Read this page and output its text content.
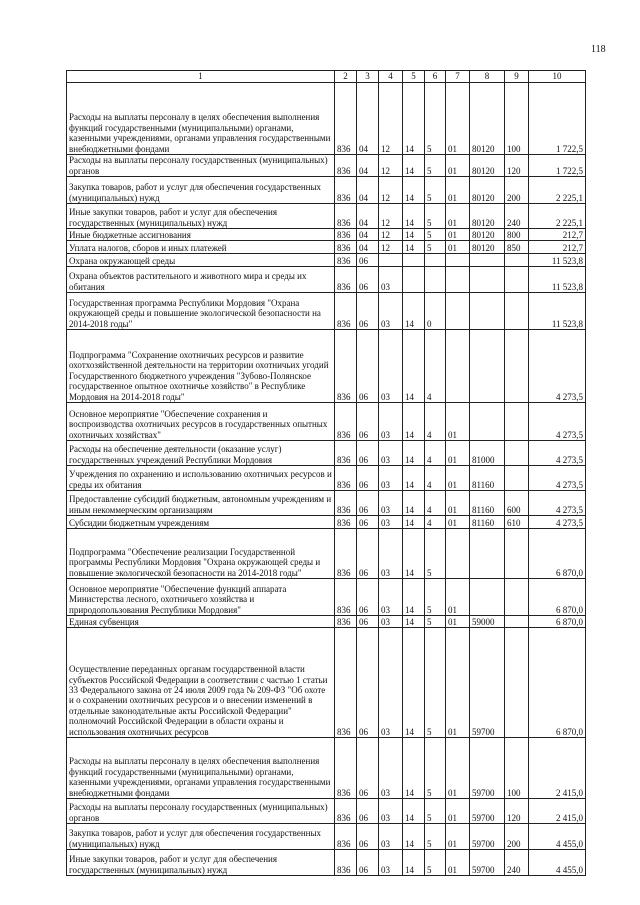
118
1	2	3	4	5	6	7	8	9	10
Расходы на выплаты персоналу в целях обеспечения выполнения функций государственными (муниципальными) органами, казенными учреждениями, органами управления государственными внебюджетными фондами	836	04	12	14	5	01	80120	100	1 722,5
Расходы на выплаты персоналу государственных (муниципальных) органов	836	04	12	14	5	01	80120	120	1 722,5
Закупка товаров, работ и услуг для обеспечения государственных (муниципальных) нужд	836	04	12	14	5	01	80120	200	2 225,1
Иные закупки товаров, работ и услуг для обеспечения государственных (муниципальных) нужд	836	04	12	14	5	01	80120	240	2 225,1
Иные бюджетные ассигнования	836	04	12	14	5	01	80120	800	212,7
Уплата налогов, сборов и иных платежей	836	04	12	14	5	01	80120	850	212,7
Охрана окружающей среды	836	06							11 523,8
Охрана объектов растительного и животного мира и среды их обитания	836	06	03						11 523,8
Государственная программа Республики Мордовия "Охрана окружающей среды и повышение экологической безопасности на 2014-2018 годы"	836	06	03	14	0				11 523,8
Подпрограмма "Сохранение охотничьих ресурсов и развитие охотхозяйственной деятельности на территории охотничьих угодий Государственного бюджетного учреждения "Зубово-Полянское государственное опытное охотничье хозяйство" в Республике Мордовия на 2014-2018 годы"	836	06	03	14	4				4 273,5
Основное мероприятие "Обеспечение сохранения и воспроизводства охотничьих ресурсов в государственных опытных охотничьих хозяйствах"	836	06	03	14	4	01			4 273,5
Расходы на обеспечение деятельности (оказание услуг) государственных учреждений Республики Мордовия	836	06	03	14	4	01	81000		4 273,5
Учреждения по охранению и использованию охотничьих ресурсов и среды их обитания	836	06	03	14	4	01	81160		4 273,5
Предоставление субсидий бюджетным, автономным учреждениям и иным некоммерческим организациям	836	06	03	14	4	01	81160	600	4 273,5
Субсидии бюджетным учреждениям	836	06	03	14	4	01	81160	610	4 273,5
Подпрограмма "Обеспечение реализации Государственной программы Республики Мордовия "Охрана окружающей среды и повышение экологической безопасности на 2014-2018 годы"	836	06	03	14	5				6 870,0
Основное мероприятие "Обеспечение функций аппарата Министерства лесного, охотничьего хозяйства и природопользования Республики Мордовия"	836	06	03	14	5	01			6 870,0
Единая субвенция	836	06	03	14	5	01	59000		6 870,0
Осуществление переданных органам государственной власти субъектов Российской Федерации в соответствии с частью 1 статьи 33 Федерального закона от 24 июля 2009 года № 209-ФЗ "Об охоте и о сохранении охотничьих ресурсов и о внесении изменений в отдельные законодательные акты Российской Федерации" полномочий Российской Федерации в области охраны и использования охотничьих ресурсов	836	06	03	14	5	01	59700		6 870,0
Расходы на выплаты персоналу в целях обеспечения выполнения функций государственными (муниципальными) органами, казенными учреждениями, органами управления государственными внебюджетными фондами	836	06	03	14	5	01	59700	100	2 415,0
Расходы на выплаты персоналу государственных (муниципальных) органов	836	06	03	14	5	01	59700	120	2 415,0
Закупка товаров, работ и услуг для обеспечения государственных (муниципальных) нужд	836	06	03	14	5	01	59700	200	4 455,0
Иные закупки товаров, работ и услуг для обеспечения государственных (муниципальных) нужд	836	06	03	14	5	01	59700	240	4 455,0
